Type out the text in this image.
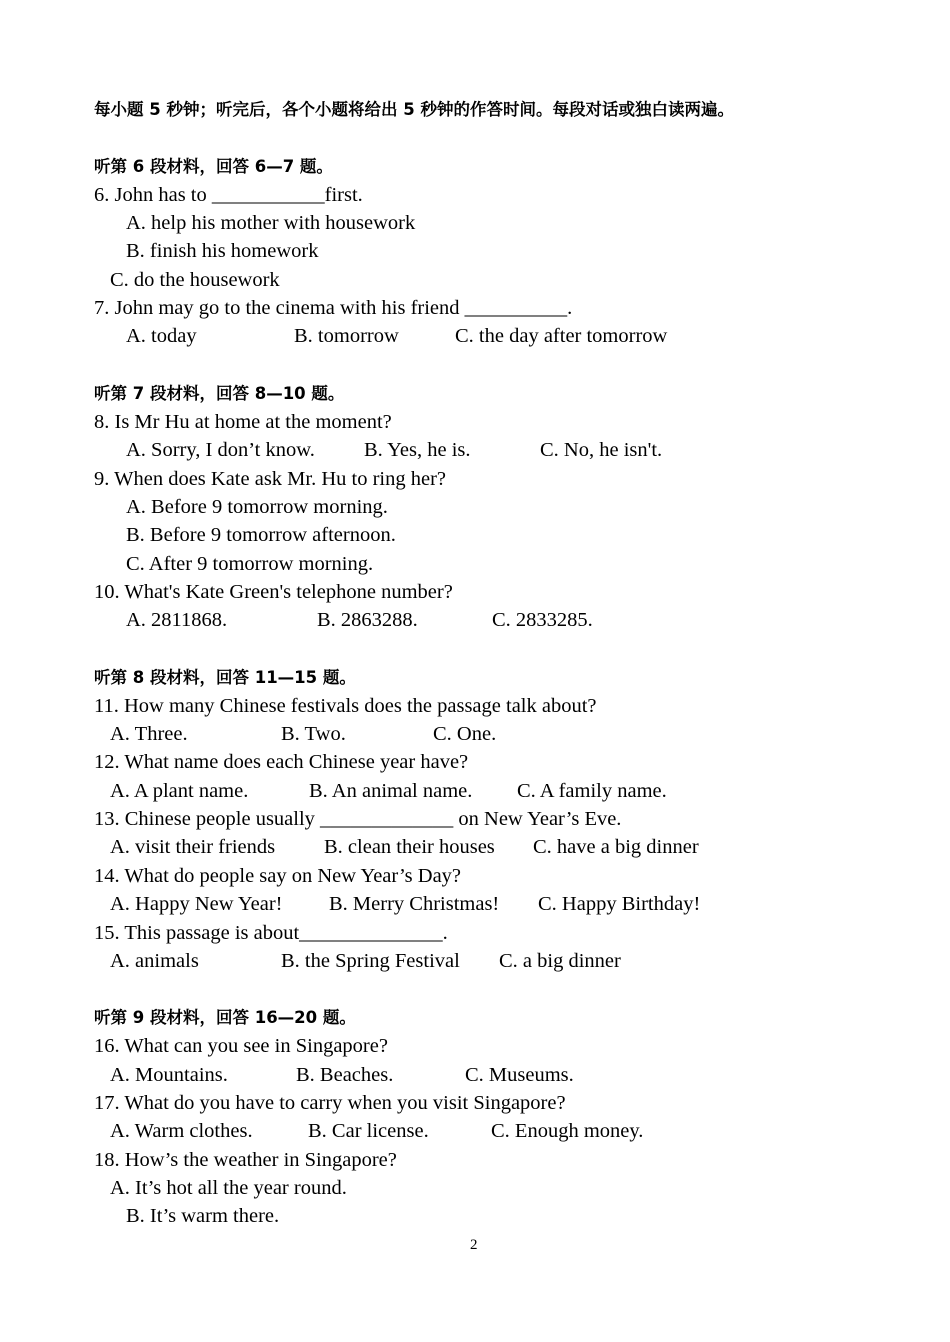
每小题 5 秒钟；听完后，各个小题将给出 5 秒钟的作答时间。每段对话或独白读两遍。
听第 6 段材料，回答 6—7 题。
6. John has to ___________first.
A. help his mother with housework
B. finish his homework
C. do the housework
7. John may go to the cinema with his friend __________.
A. today	B. tomorrow	C. the day after tomorrow
听第 7 段材料，回答 8—10 题。
8. Is Mr Hu at home at the moment?
A. Sorry, I don’t know. B. Yes, he is.	C. No, he isn't.
9. When does Kate ask Mr. Hu to ring her?
A. Before 9 tomorrow morning.
B. Before 9 tomorrow afternoon.
C. After 9 tomorrow morning.
10. What's Kate Green's telephone number?
A. 2811868.	B. 2863288.	C. 2833285.
听第 8 段材料，回答 11—15 题。
11. How many Chinese festivals does the passage talk about?
A. Three.	B. Two.	C. One.
12. What name does each Chinese year have?
A. A plant name.	B. An animal name. C. A family name.
13. Chinese people usually _____________ on New Year’s Eve.
A. visit their friends B. clean their houses C. have a big dinner
14. What do people say on New Year’s Day?
A. Happy New Year! B. Merry Christmas! C. Happy Birthday!
15. This passage is about______________.
A. animals	B. the Spring Festival C. a big dinner
听第 9 段材料，回答 16—20 题。
16. What can you see in Singapore?
A. Mountains.	B. Beaches.	C. Museums.
17. What do you have to carry when you visit Singapore?
A. Warm clothes.	B. Car license.	C. Enough money.
18. How’s the weather in Singapore?
A. It’s hot all the year round.
B. It’s warm there.
2
